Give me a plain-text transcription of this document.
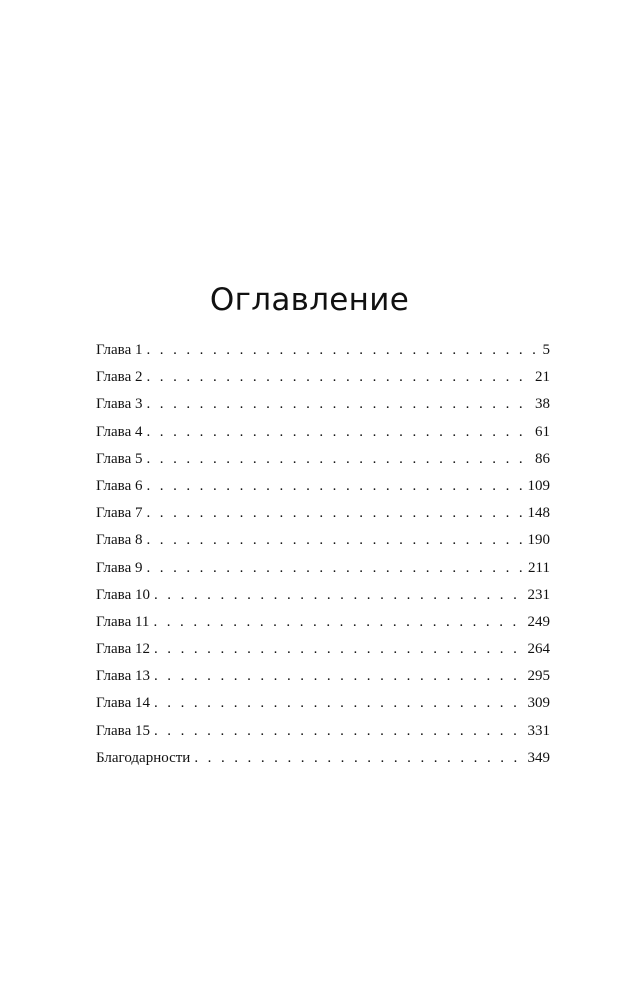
Оглавление
Глава 1 . . .	5
Глава 2 . . .	21
Глава 3 . . .	38
Глава 4 . . .	61
Глава 5 . . .	86
Глава 6 . . .	109
Глава 7 . . .	148
Глава 8 . . .	190
Глава 9 . . .	211
Глава 10 . . .	231
Глава 11 . . .	249
Глава 12 . . .	264
Глава 13 . . .	295
Глава 14 . . .	309
Глава 15 . . .	331
Благодарности . . .	349
